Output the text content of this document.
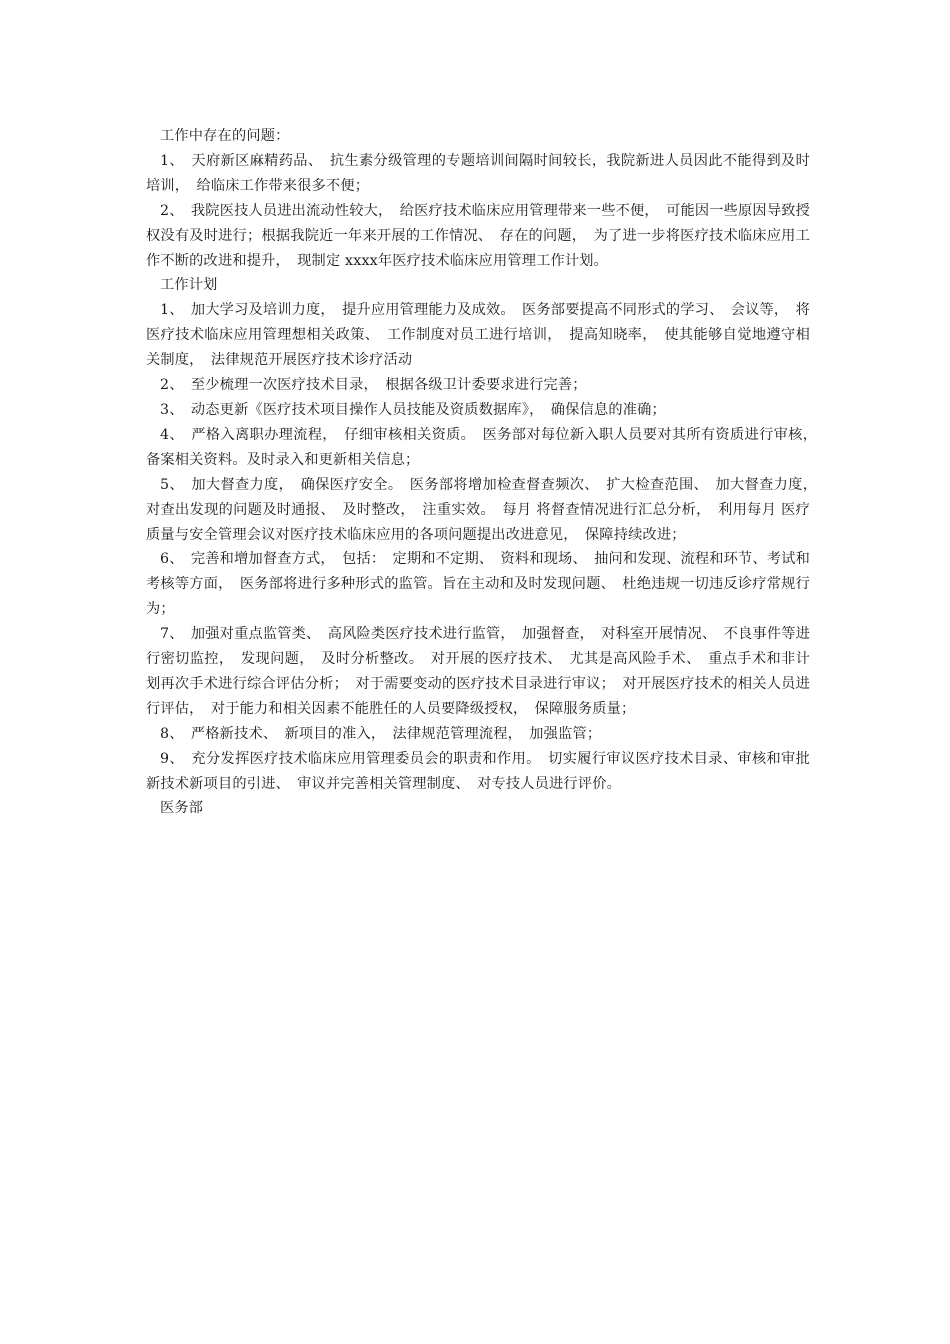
工作中存在的问题：

1、　天府新区麻精药品、　抗生素分级管理的专题培训间隔时间较长，我院新进人员因此不能得到及时培训，　给临床工作带来很多不便；

2、　我院医技人员进出流动性较大，　给医疗技术临床应用管理带来一些不便，　可能因一些原因导致授权没有及时进行；根据我院近一年来开展的工作情况、　存在的问题，　为了进一步将医疗技术临床应用工作不断的改进和提升，　现制定 xxxx年医疗技术临床应用管理工作计划。

工作计划

1、　加大学习及培训力度，　提升应用管理能力及成效。　医务部要提高不同形式的学习、　会议等，　将医疗技术临床应用管理想相关政策、　工作制度对员工进行培训，　提高知晓率，　使其能够自觉地遵守相关制度，　法律规范开展医疗技术诊疗活动

2、　至少梳理一次医疗技术目录，　根据各级卫计委要求进行完善；

3、　动态更新《医疗技术项目操作人员技能及资质数据库》，　确保信息的准确；

4、　严格入离职办理流程，　仔细审核相关资质。　医务部对每位新入职人员要对其所有资质进行审核，　备案相关资料。及时录入和更新相关信息；

5、　加大督查力度，　确保医疗安全。　医务部将增加检查督查频次、　扩大检查范围、　加大督查力度，　对查出发现的问题及时通报、　及时整改，　注重实效。　每月 将督查情况进行汇总分析，　利用每月 医疗质量与安全管理会议对医疗技术临床应用的各项问题提出改进意见，　保障持续改进；

6、　完善和增加督查方式，　包括：　定期和不定期、　资料和现场、　抽问和发现、流程和环节、考试和考核等方面，　医务部将进行多种形式的监管。旨在主动和及时发现问题、　杜绝违规一切违反诊疗常规行为；

7、　加强对重点监管类、　高风险类医疗技术进行监管，　加强督查，　对科室开展情况、　不良事件等进行密切监控，　发现问题，　及时分析整改。　对开展的医疗技术、　尤其是高风险手术、　重点手术和非计划再次手术进行综合评估分析；　对于需要变动的医疗技术目录进行审议；　对开展医疗技术的相关人员进行评估，　对于能力和相关因素不能胜任的人员要降级授权，　保障服务质量；

8、　严格新技术、　新项目的准入，　法律规范管理流程，　加强监管；

9、　充分发挥医疗技术临床应用管理委员会的职责和作用。　切实履行审议医疗技术目录、审核和审批新技术新项目的引进、　审议并完善相关管理制度、　对专技人员进行评价。

医务部
